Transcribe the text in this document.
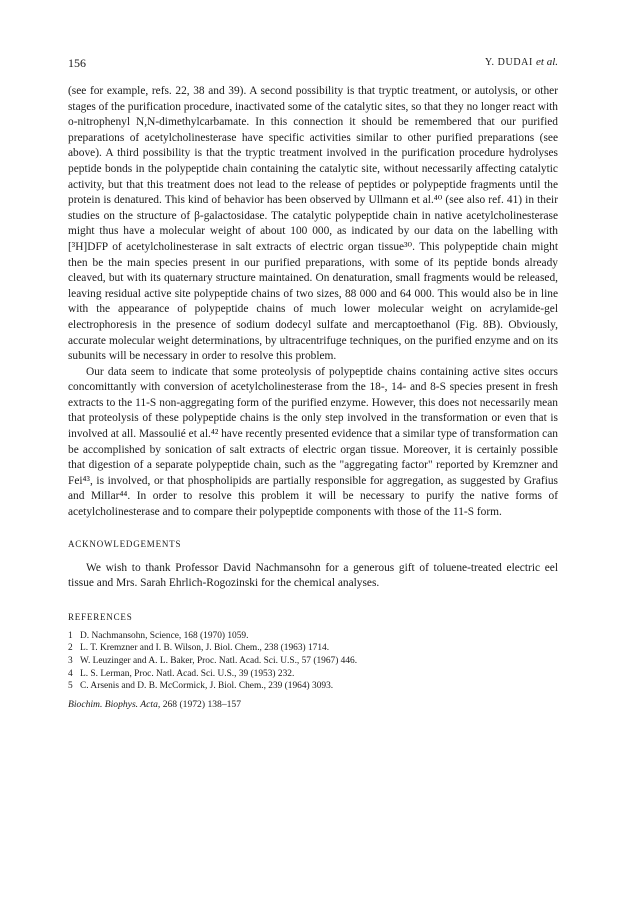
156	Y. DUDAI et al.

(see for example, refs. 22, 38 and 39). A second possibility is that tryptic treatment, or autolysis, or other stages of the purification procedure, inactivated some of the catalytic sites, so that they no longer react with o-nitrophenyl N,N-dimethylcarbamate. In this connection it should be remembered that our purified preparations of acetylcholinesterase have specific activities similar to other purified preparations (see above). A third possibility is that the tryptic treatment involved in the purification procedure hydrolyses peptide bonds in the polypeptide chain containing the catalytic site, without necessarily affecting catalytic activity, but that this treatment does not lead to the release of peptides or polypeptide fragments until the protein is denatured. This kind of behavior has been observed by Ullmann et al.⁴⁰ (see also ref. 41) in their studies on the structure of β-galactosidase. The catalytic polypeptide chain in native acetylcholinesterase might thus have a molecular weight of about 100 000, as indicated by our data on the labelling with [³H]DFP of acetylcholinesterase in salt extracts of electric organ tissue³⁰. This polypeptide chain might then be the main species present in our purified preparations, with some of its peptide bonds already cleaved, but with its quaternary structure maintained. On denaturation, small fragments would be released, leaving residual active site polypeptide chains of two sizes, 88 000 and 64 000. This would also be in line with the appearance of polypeptide chains of much lower molecular weight on acrylamide-gel electrophoresis in the presence of sodium dodecyl sulfate and mercaptoethanol (Fig. 8B). Obviously, accurate molecular weight determinations, by ultracentrifuge techniques, on the purified enzyme and on its subunits will be necessary in order to resolve this problem.

Our data seem to indicate that some proteolysis of polypeptide chains containing active sites occurs concomittantly with conversion of acetylcholinesterase from the 18-, 14- and 8-S species present in fresh extracts to the 11-S non-aggregating form of the purified enzyme. However, this does not necessarily mean that proteolysis of these polypeptide chains is the only step involved in the transformation or even that is involved at all. Massoulié et al.⁴² have recently presented evidence that a similar type of transformation can be accomplished by sonication of salt extracts of electric organ tissue. Moreover, it is certainly possible that digestion of a separate polypeptide chain, such as the "aggregating factor" reported by Kremzner and Fei⁴³, is involved, or that phospholipids are partially responsible for aggregation, as suggested by Grafius and Millar⁴⁴. In order to resolve this problem it will be necessary to purify the native forms of acetylcholinesterase and to compare their polypeptide components with those of the 11-S form.

ACKNOWLEDGEMENTS
We wish to thank Professor David Nachmansohn for a generous gift of toluene-treated electric eel tissue and Mrs. Sarah Ehrlich-Rogozinski for the chemical analyses.
REFERENCES
1 D. Nachmansohn, Science, 168 (1970) 1059.
2 L. T. Kremzner and I. B. Wilson, J. Biol. Chem., 238 (1963) 1714.
3 W. Leuzinger and A. L. Baker, Proc. Natl. Acad. Sci. U.S., 57 (1967) 446.
4 L. S. Lerman, Proc. Natl. Acad. Sci. U.S., 39 (1953) 232.
5 C. Arsenis and D. B. McCormick, J. Biol. Chem., 239 (1964) 3093.
Biochim. Biophys. Acta, 268 (1972) 138–157
